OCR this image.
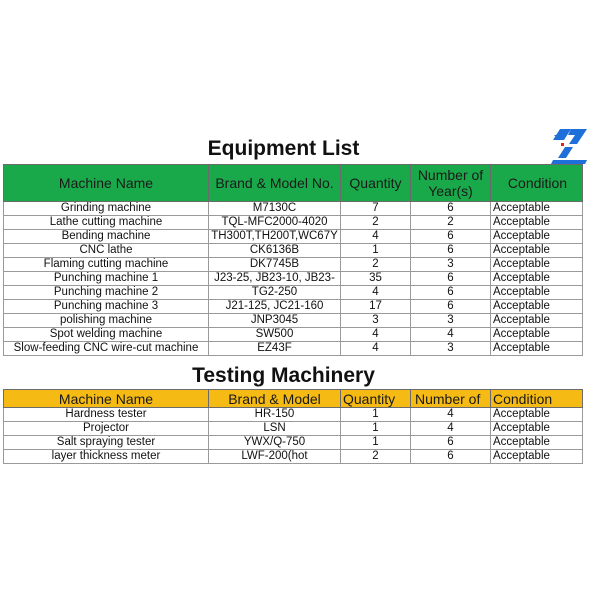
Equipment List
Machine Name	Brand & Model No.	Quantity	Number of Year(s)	Condition
Grinding machine	M7130C	7	6	Acceptable
Lathe cutting machine	TQL-MFC2000-4020	2	2	Acceptable
Bending machine	TH300T,TH200T,WC67Y	4	6	Acceptable
CNC lathe	CK6136B	1	6	Acceptable
Flaming cutting machine	DK7745B	2	3	Acceptable
Punching machine 1	J23-25, JB23-10, JB23-	35	6	Acceptable
Punching machine 2	TG2-250	4	6	Acceptable
Punching machine 3	J21-125, JC21-160	17	6	Acceptable
polishing machine	JNP3045	3	3	Acceptable
Spot welding machine	SW500	4	4	Acceptable
Slow-feeding CNC wire-cut machine	EZ43F	4	3	Acceptable
Testing Machinery
Machine Name	Brand & Model	Quantity	Number of	Condition
Hardness tester	HR-150	1	4	Acceptable
Projector	LSN	1	4	Acceptable
Salt spraying tester	YWX/Q-750	1	6	Acceptable
layer thickness meter	LWF-200(hot	2	6	Acceptable
